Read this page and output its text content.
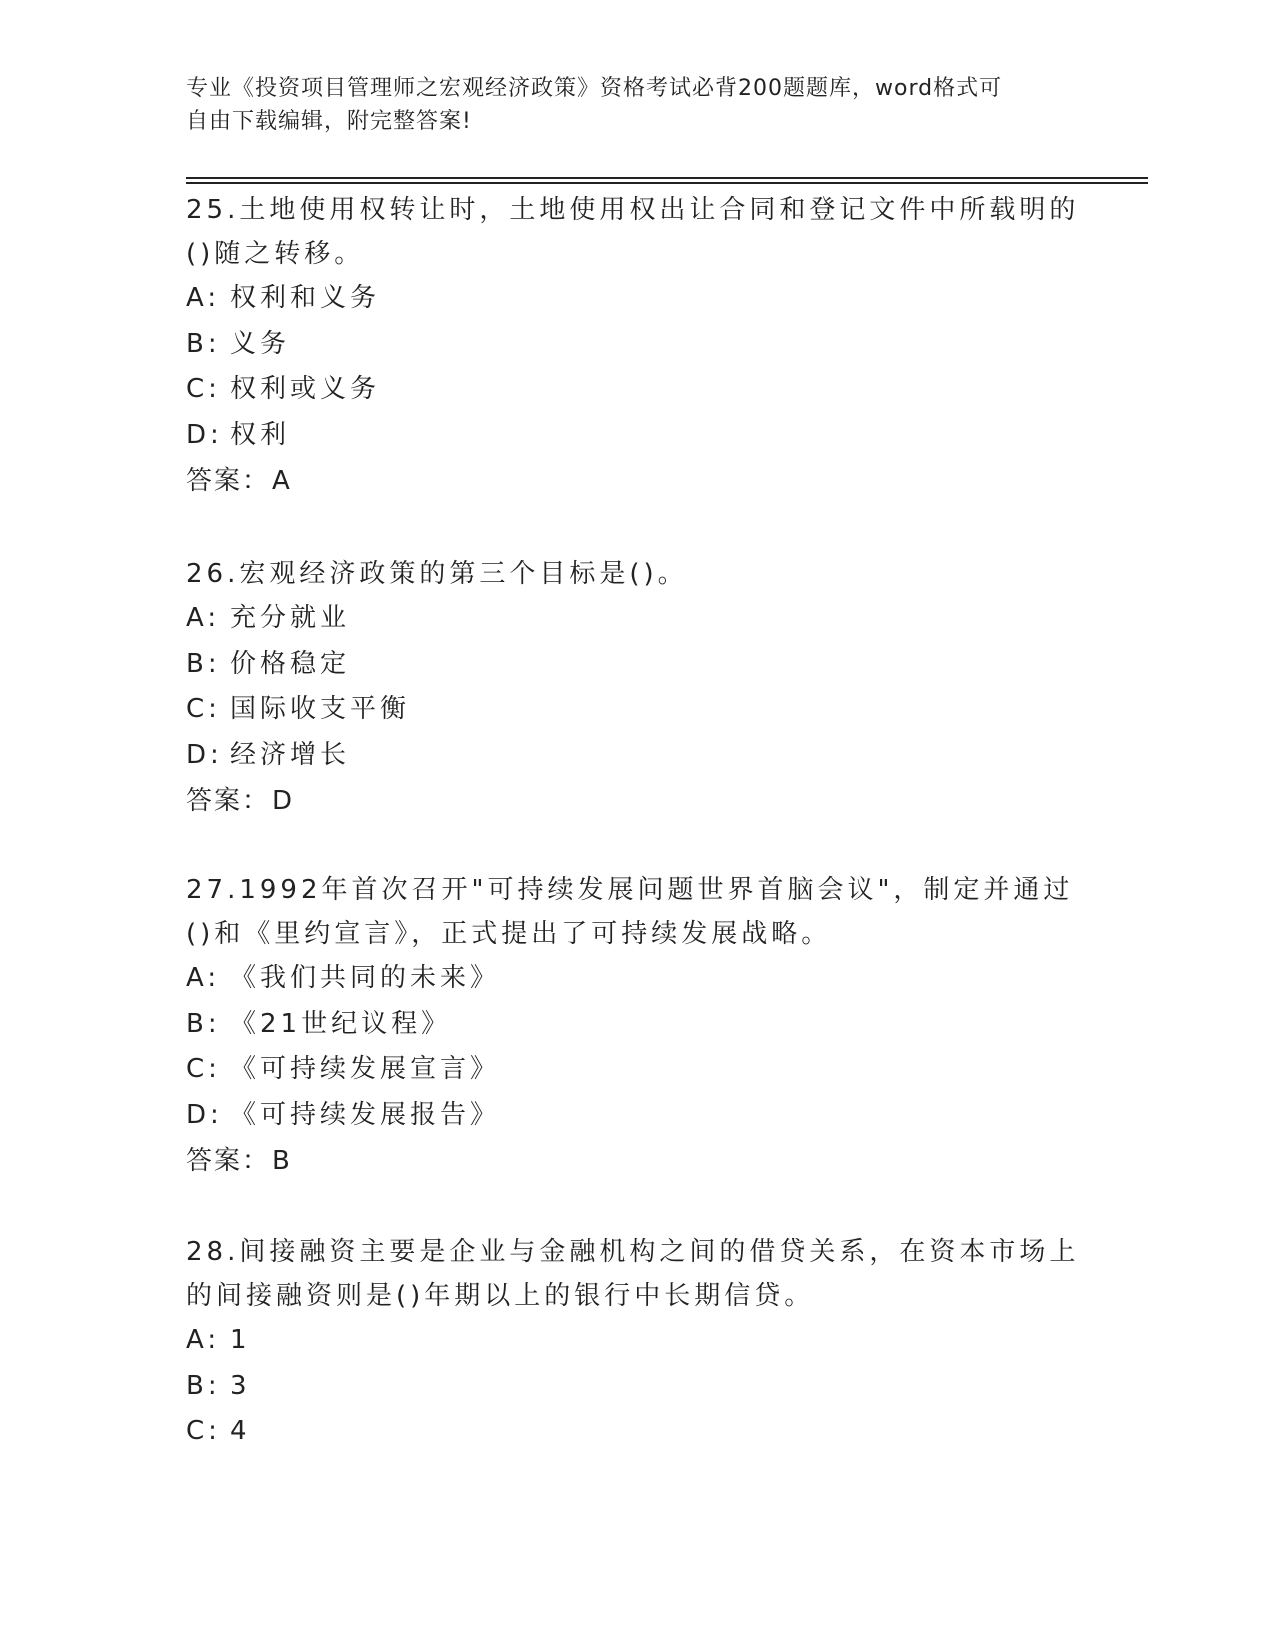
专业《投资项目管理师之宏观经济政策》资格考试必背200题题库，word格式可
自由下载编辑，附完整答案!

25.土地使用权转让时，土地使用权出让合同和登记文件中所载明的()随之转移。

A: 权利和义务
B: 义务
C: 权利或义务
D: 权利
答案：A

26.宏观经济政策的第三个目标是()。

A: 充分就业
B: 价格稳定
C: 国际收支平衡
D: 经济增长
答案：D

27.1992年首次召开"可持续发展问题世界首脑会议"，制定并通过()和《里约宣言》，正式提出了可持续发展战略。

A: 《我们共同的未来》
B: 《21世纪议程》
C: 《可持续发展宣言》
D: 《可持续发展报告》
答案：B

28.间接融资主要是企业与金融机构之间的借贷关系，在资本市场上的间接融资则是()年期以上的银行中长期信贷。

A: 1
B: 3
C: 4
